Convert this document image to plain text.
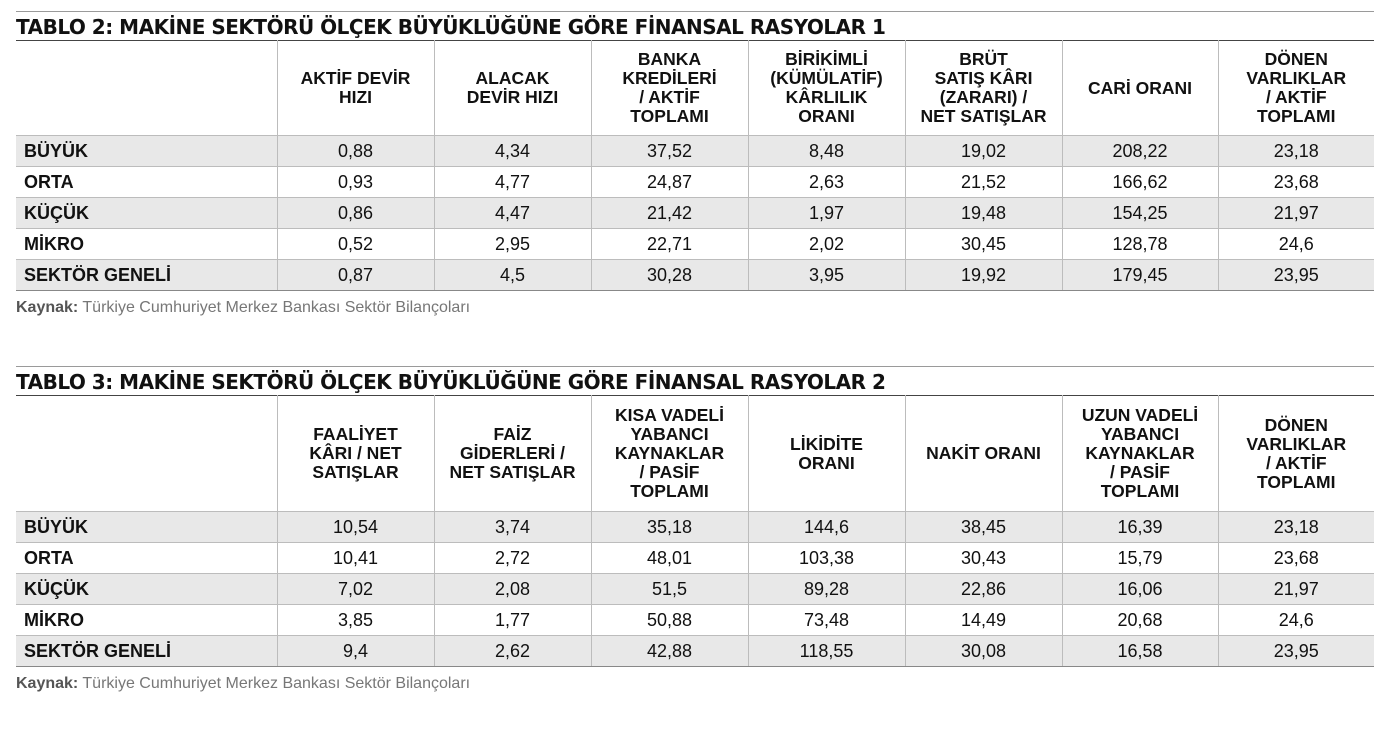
TABLO 2: MAKİNE SEKTÖRÜ ÖLÇEK BÜYÜKLÜĞÜNE GÖRE FİNANSAL RASYOLAR 1
	AKTİF DEVİR
HIZI	ALACAK
DEVİR HIZI	BANKA
KREDİLERİ
/ AKTİF
TOPLAMI	BİRİKİMLİ
(KÜMÜLATİF)
KÂRLILIK
ORANI	BRÜT
SATIŞ KÂRI
(ZARARI) /
NET SATIŞLAR	CARİ ORANI	DÖNEN
VARLIKLAR
/ AKTİF
TOPLAMI
BÜYÜK	0,88	4,34	37,52	8,48	19,02	208,22	23,18
ORTA	0,93	4,77	24,87	2,63	21,52	166,62	23,68
KÜÇÜK	0,86	4,47	21,42	1,97	19,48	154,25	21,97
MİKRO	0,52	2,95	22,71	2,02	30,45	128,78	24,6
SEKTÖR GENELİ	0,87	4,5	30,28	3,95	19,92	179,45	23,95
Kaynak: Türkiye Cumhuriyet Merkez Bankası Sektör Bilançoları
TABLO 3: MAKİNE SEKTÖRÜ ÖLÇEK BÜYÜKLÜĞÜNE GÖRE FİNANSAL RASYOLAR 2
	FAALİYET
KÂRI / NET
SATIŞLAR	FAİZ
GİDERLERİ /
NET SATIŞLAR	KISA VADELİ
YABANCI
KAYNAKLAR
/ PASİF
TOPLAMI	LİKİDİTE
ORANI	NAKİT ORANI	UZUN VADELİ
YABANCI
KAYNAKLAR
/ PASİF
TOPLAMI	DÖNEN
VARLIKLAR
/ AKTİF
TOPLAMI
BÜYÜK	10,54	3,74	35,18	144,6	38,45	16,39	23,18
ORTA	10,41	2,72	48,01	103,38	30,43	15,79	23,68
KÜÇÜK	7,02	2,08	51,5	89,28	22,86	16,06	21,97
MİKRO	3,85	1,77	50,88	73,48	14,49	20,68	24,6
SEKTÖR GENELİ	9,4	2,62	42,88	118,55	30,08	16,58	23,95
Kaynak: Türkiye Cumhuriyet Merkez Bankası Sektör Bilançoları
